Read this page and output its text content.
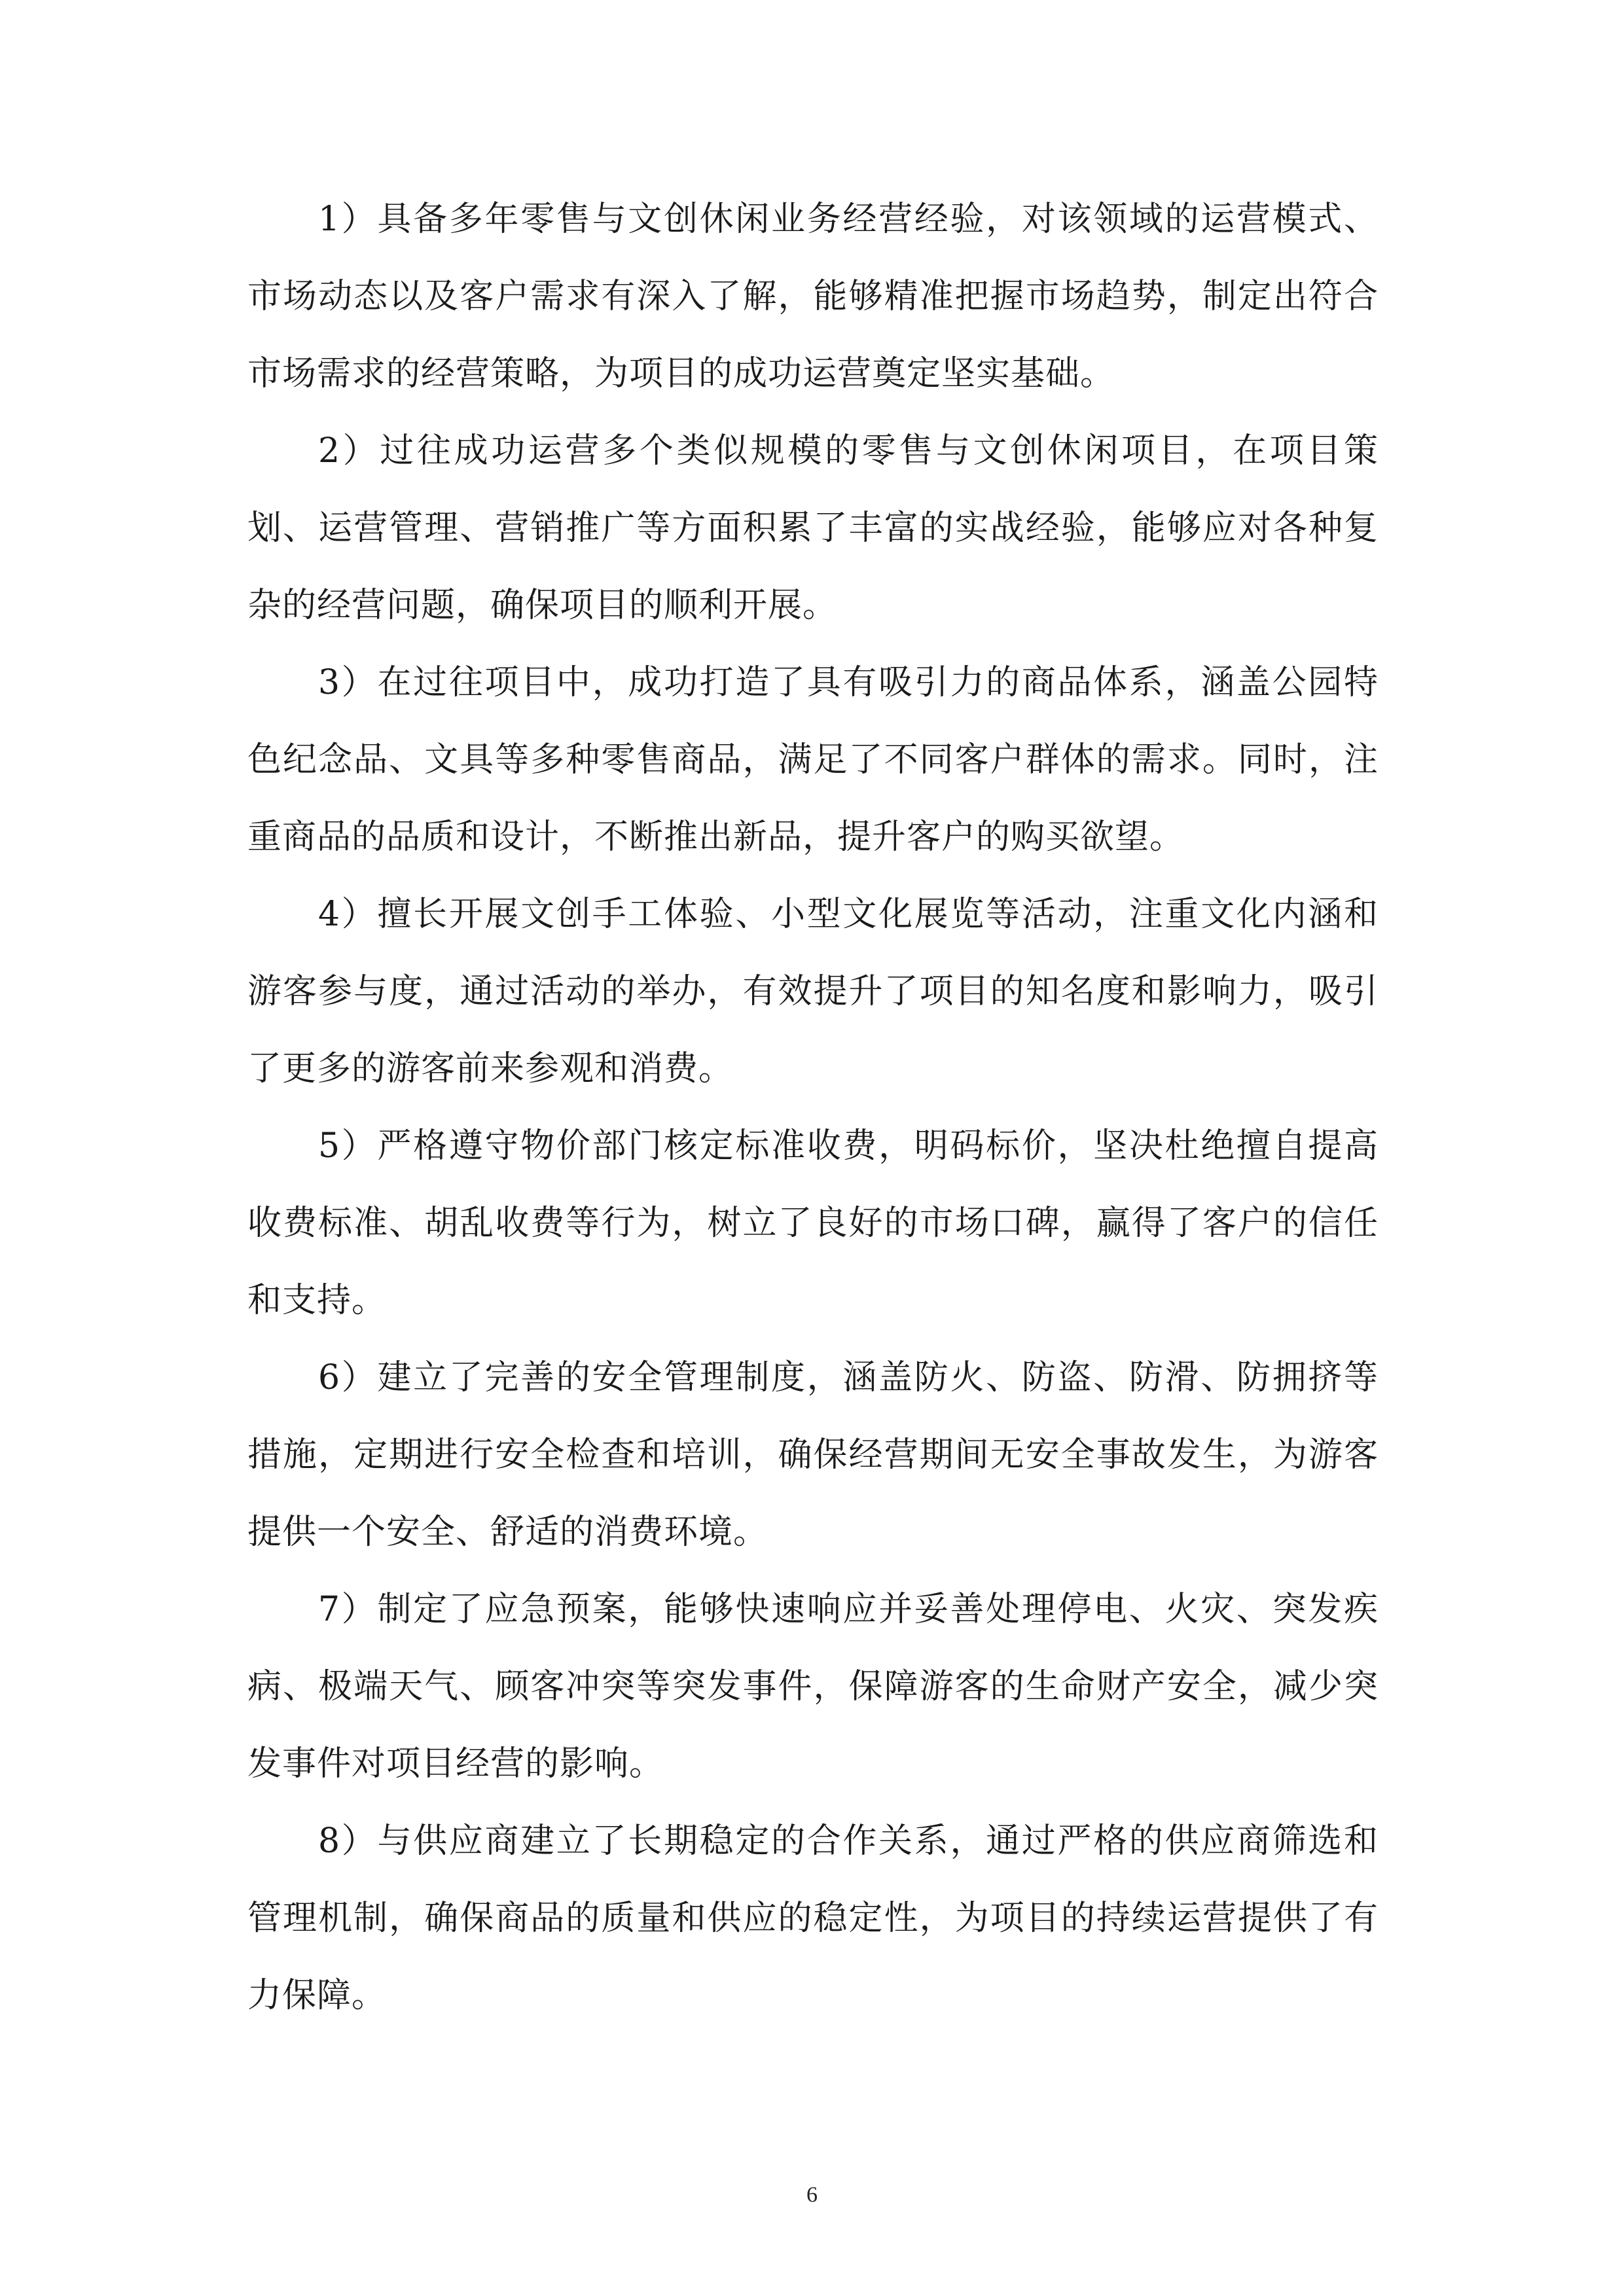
1）具备多年零售与文创休闲业务经营经验，对该领域的运营模式、市场动态以及客户需求有深入了解，能够精准把握市场趋势，制定出符合市场需求的经营策略，为项目的成功运营奠定坚实基础。

2）过往成功运营多个类似规模的零售与文创休闲项目，在项目策划、运营管理、营销推广等方面积累了丰富的实战经验，能够应对各种复杂的经营问题，确保项目的顺利开展。

3）在过往项目中，成功打造了具有吸引力的商品体系，涵盖公园特色纪念品、文具等多种零售商品，满足了不同客户群体的需求。同时，注重商品的品质和设计，不断推出新品，提升客户的购买欲望。

4）擅长开展文创手工体验、小型文化展览等活动，注重文化内涵和游客参与度，通过活动的举办，有效提升了项目的知名度和影响力，吸引了更多的游客前来参观和消费。

5）严格遵守物价部门核定标准收费，明码标价，坚决杜绝擅自提高收费标准、胡乱收费等行为，树立了良好的市场口碑，赢得了客户的信任和支持。

6）建立了完善的安全管理制度，涵盖防火、防盗、防滑、防拥挤等措施，定期进行安全检查和培训，确保经营期间无安全事故发生，为游客提供一个安全、舒适的消费环境。

7）制定了应急预案，能够快速响应并妥善处理停电、火灾、突发疾病、极端天气、顾客冲突等突发事件，保障游客的生命财产安全，减少突发事件对项目经营的影响。

8）与供应商建立了长期稳定的合作关系，通过严格的供应商筛选和管理机制，确保商品的质量和供应的稳定性，为项目的持续运营提供了有力保障。

6
